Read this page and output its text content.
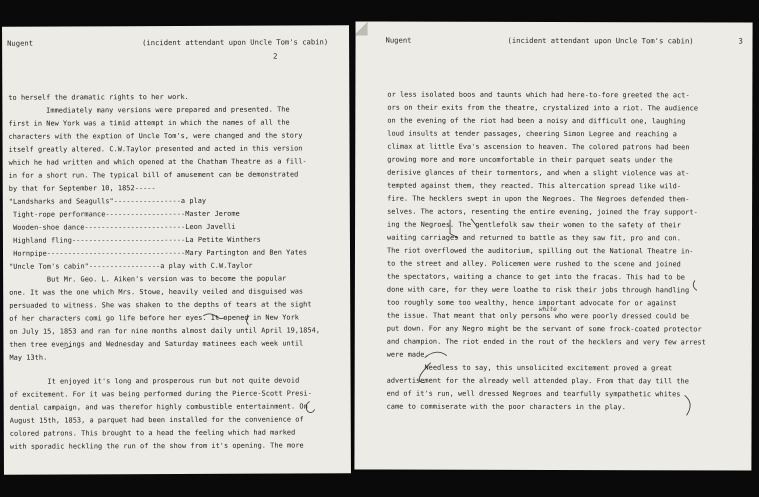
Nugent	(incident attendant upon Uncle Tom's cabin)
2
to herself the dramatic rights to her work.
Immediately many versions were prepared and presented. The
first in New York was a timid attempt in which the names of all the
characters with the exption of Uncle Tom's, were changed and the story
itself greatly altered. C.W.Taylor presented and acted in this version
which he had written and which opened at the Chatham Theatre as a fill-
in for a short run. The typical bill of amusement can be demonstrated
by that for September 10, 1852-----
"Landsharks and Seagulls"----------------a play
Tight-rope performance-------------------Master Jerome
Wooden-shoe dance------------------------Leon Javelli
Highland fling---------------------------La Petite Winthers
Hornpipe---------------------------------Mary Partington and Ben Yates
"Uncle Tom's cabin"-----------------a play with C.W.Taylor
But Mr. Geo. L. Aiken's version was to become the popular
one. It was the one which Mrs. Stowe, heavily veiled and disguised was
persuaded to witness. She was shaken to the depths of tears at the sight
of her characters comi go life before her eyes. It opened in New York
on July 15, 1853 and ran for nine months almost daily until April 19,1854,
then tree evenings and Wednesday and Saturday matinees each week until
May 13th.
It enjoyed it's long and prosperous run but not quite devoid
of excitement. For it was being performed during the Pierce-Scott Presi-
dential campaign, and was therefor highly combustible entertainment. On
August 15th, 1853, a parquet had been installed for the convenience of
colored patrons. This brought to a head the feeling which had marked
with sporadic heckling the run of the show from it's opening. The more
Nugent	(incident attendant upon Uncle Tom's cabin)	3
or less isolated boos and taunts which had here-to-fore greeted the act-
ors on their exits from the theatre, crystalized into a riot. The audience
on the evening of the riot had been a noisy and difficult one, laughing
loud insults at tender passages, cheering Simon Legree and reaching a
climax at little Eva's ascension to heaven. The colored patrons had been
growing more and more uncomfortable in their parquet seats under the
derisive glances of their tormentors, and when a slight violence was at-
tempted against them, they reacted. This altercation spread like wild-
fire. The hecklers swept in upon the Negroes. The Negroes defended them-
selves. The actors, resenting the entire evening, joined the fray support-
ing the Negroes. The gentlefolk saw their women to the safety of their
waiting carriages and returned to battle as they saw fit, pro and con.
The riot overflowed the auditorium, spilling out the National Theatre in-
to the street and alley. Policemen were rushed to the scene and joined
the spectators, waiting a chance to get into the fracas. This had to be
done with care, for they were loathe to risk their jobs through handling
too roughly some too wealthy, hence important advocate for or against
the issue. That meant that only persons who were poorly dressed could be
put down. For any Negro might be the servant of some frock-coated protector
and champion. The riot ended in the rout of the hecklers and very few arrest
were made.
Needless to say, this unsolicited excitement proved a great
advertisement for the already well attended play. From that day till the
end of it's run, well dressed Negroes and tearfully sympathetic whites
came to commiserate with the poor characters in the play.
white
